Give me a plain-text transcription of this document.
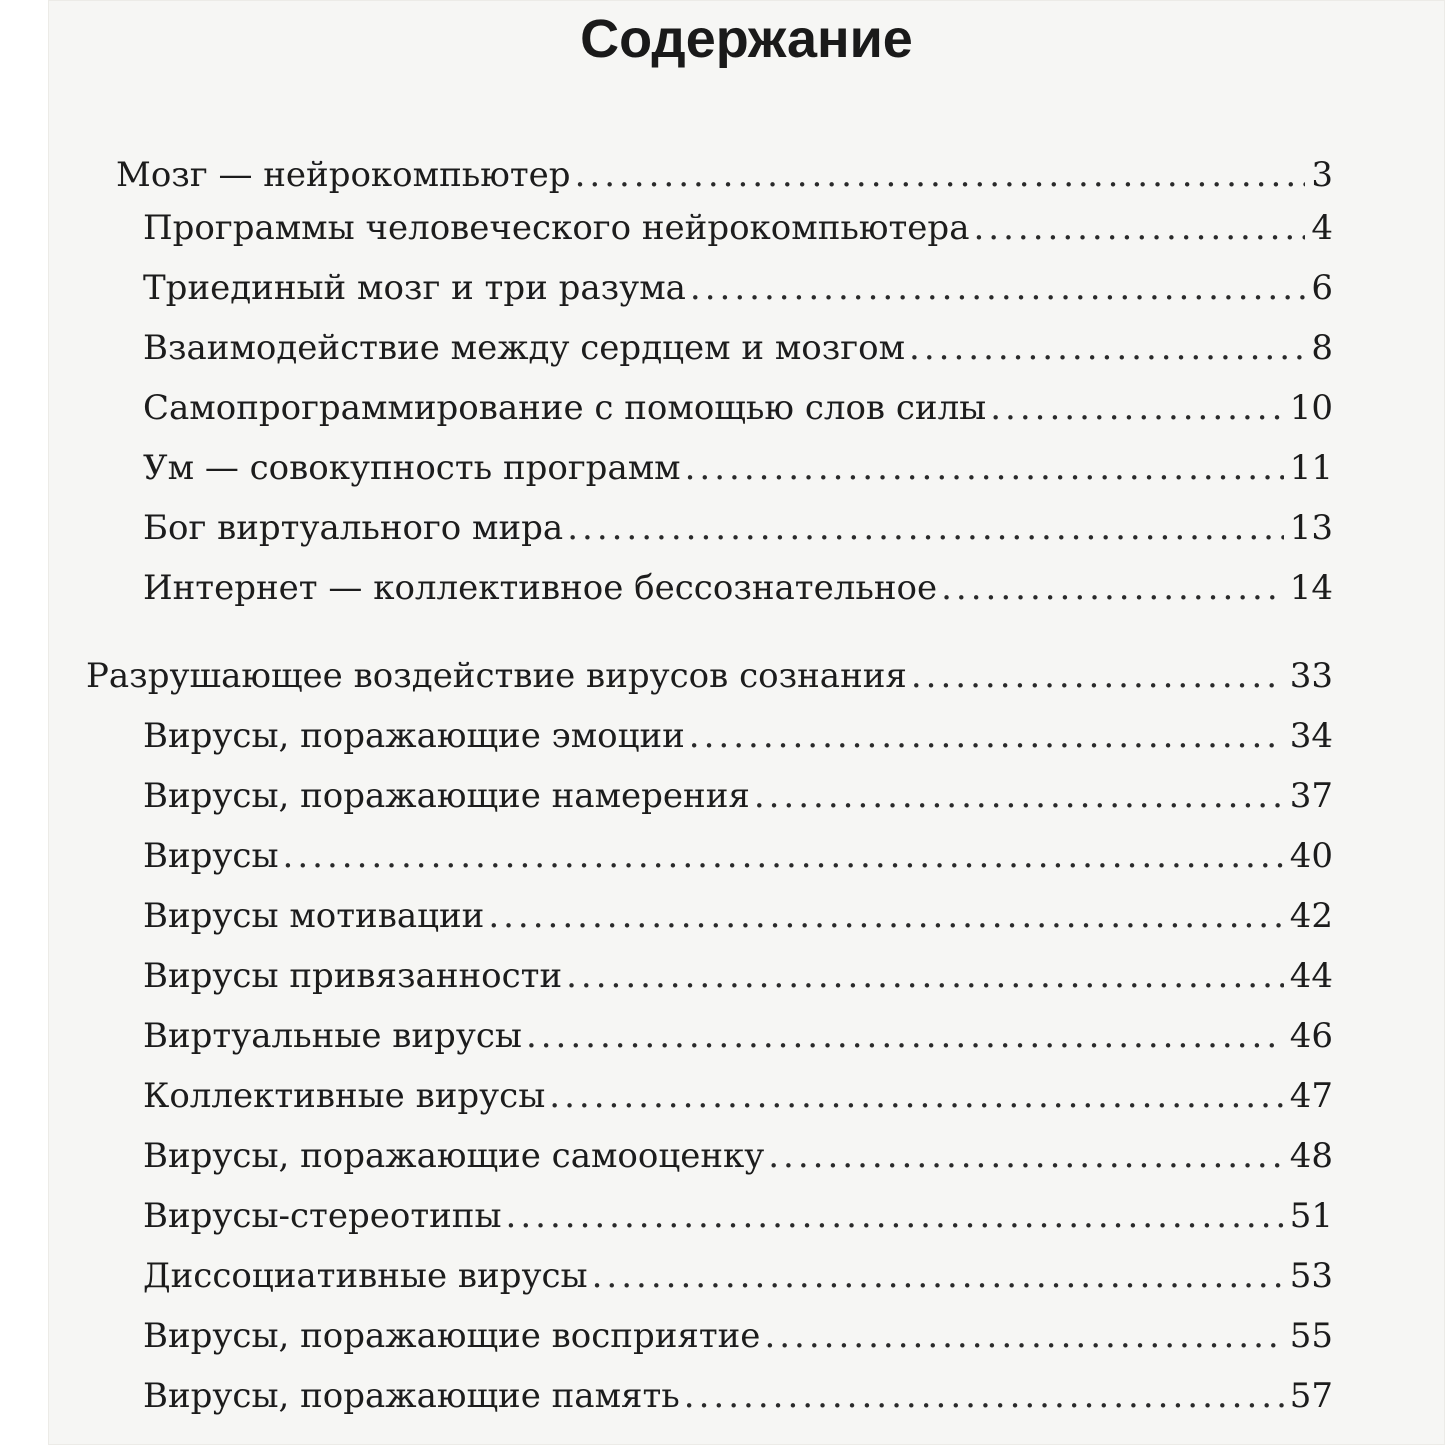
Содержание
Мозг — нейрокомпьютер .....	3
Программы человеческого нейрокомпьютера .....	4
Триединый мозг и три разума .....	6
Взаимодействие между сердцем и мозгом .....	8
Самопрограммирование с помощью слов силы .....	10
Ум — совокупность программ .....	11
Бог виртуального мира .....	13
Интернет — коллективное бессознательное .....	14
Разрушающее воздействие вирусов сознания .....	33
Вирусы, поражающие эмоции .....	34
Вирусы, поражающие намерения .....	37
Вирусы .....	40
Вирусы мотивации .....	42
Вирусы привязанности .....	44
Виртуальные вирусы .....	46
Коллективные вирусы .....	47
Вирусы, поражающие самооценку .....	48
Вирусы-стереотипы .....	51
Диссоциативные вирусы .....	53
Вирусы, поражающие восприятие .....	55
Вирусы, поражающие память .....	57
